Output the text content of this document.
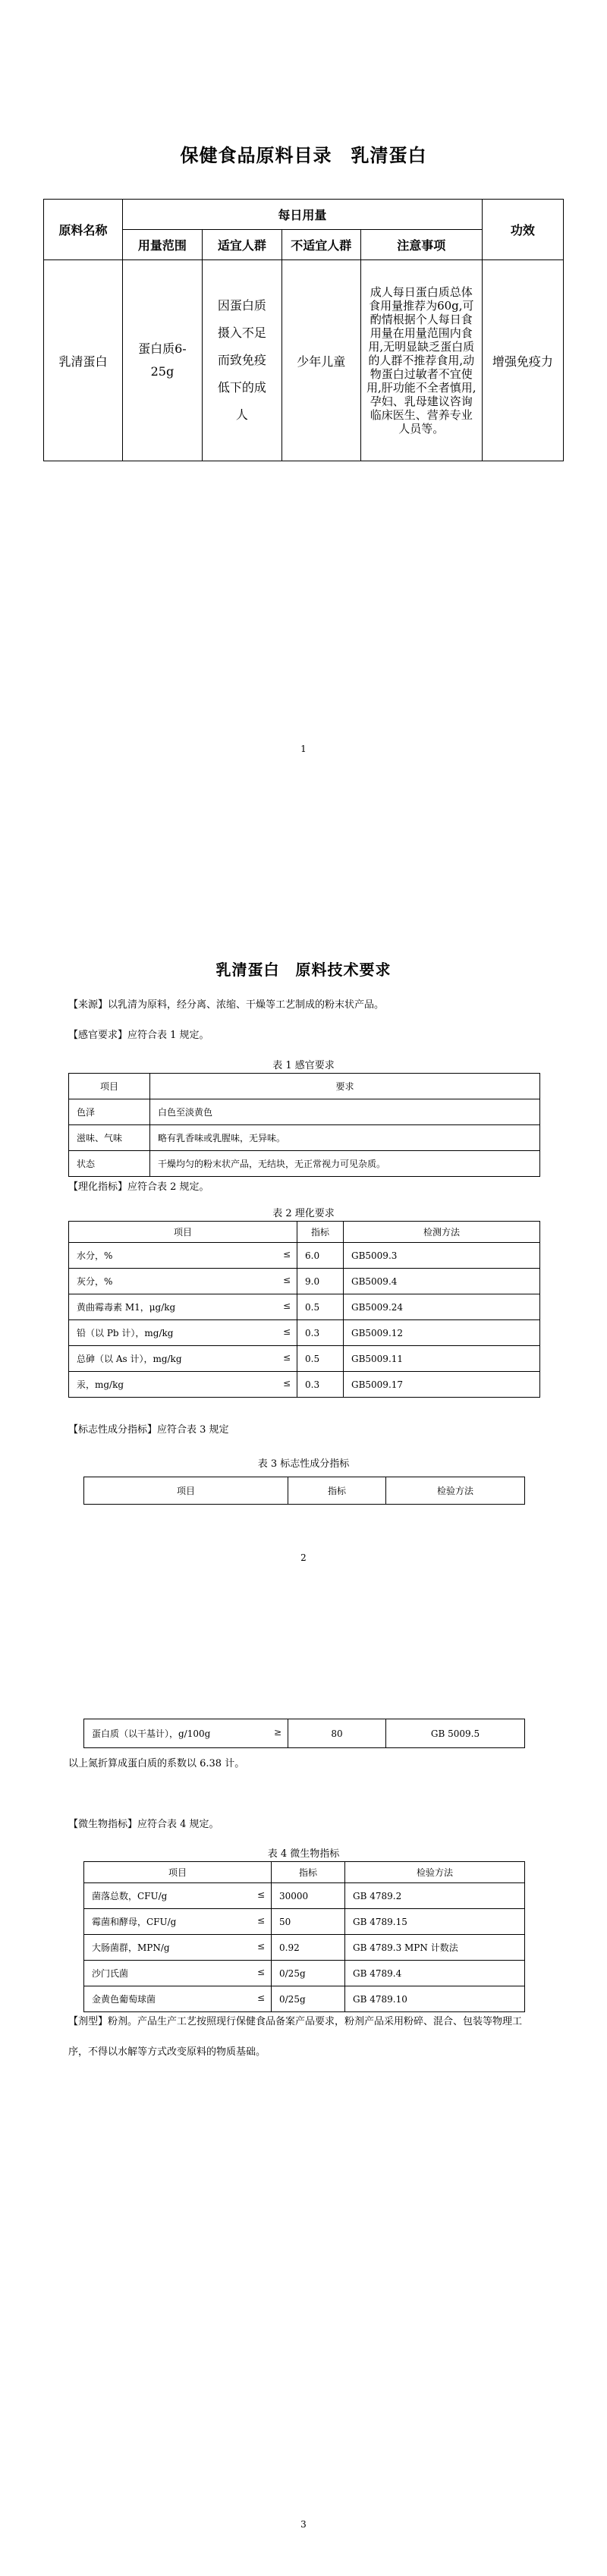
保健食品原料目录　乳清蛋白
原料名称	每日用量				功效
	用量范围	适宜人群	不适宜人群	注意事项	
乳清蛋白	蛋白质6-25g	因蛋白质摄入不足而致免疫低下的成人	少年儿童	成人每日蛋白质总体食用量推荐为60g,可酌情根据个人每日食用量在用量范围内食用,无明显缺乏蛋白质的人群不推荐食用,动物蛋白过敏者不宜使用,肝功能不全者慎用,孕妇、乳母建议咨询临床医生、营养专业人员等。	增强免疫力
1
乳清蛋白　原料技术要求
【来源】以乳清为原料，经分离、浓缩、干燥等工艺制成的粉末状产品。
【感官要求】应符合表 1 规定。
表 1 感官要求
项目	要求
色泽	白色至淡黄色
滋味、气味	略有乳香味或乳腥味，无异味。
状态	干燥均匀的粉末状产品，无结块，无正常视力可见杂质。
【理化指标】应符合表 2 规定。
表 2 理化要求
项目	指标	检测方法
水分，% ≤	6.0	GB5009.3
灰分，% ≤	9.0	GB5009.4
黄曲霉毒素 M1，μg/kg ≤	0.5	GB5009.24
铅（以 Pb 计），mg/kg ≤	0.3	GB5009.12
总砷（以 As 计），mg/kg ≤	0.5	GB5009.11
汞，mg/kg ≤	0.3	GB5009.17
【标志性成分指标】应符合表 3 规定
表 3 标志性成分指标
项目	指标	检验方法
2
蛋白质（以干基计），g/100g	≥	80	GB 5009.5
以上氮折算成蛋白质的系数以 6.38 计。
【微生物指标】应符合表 4 规定。
表 4 微生物指标
项目	指标	检验方法
菌落总数，CFU/g ≤	30000	GB 4789.2
霉菌和酵母，CFU/g ≤	50	GB 4789.15
大肠菌群，MPN/g ≤	0.92	GB 4789.3 MPN 计数法
沙门氏菌 ≤	0/25g	GB 4789.4
金黄色葡萄球菌 ≤	0/25g	GB 4789.10
【剂型】粉剂。产品生产工艺按照现行保健食品备案产品要求，粉剂产品采用粉碎、混合、包装等物理工序，不得以水解等方式改变原料的物质基础。
3
